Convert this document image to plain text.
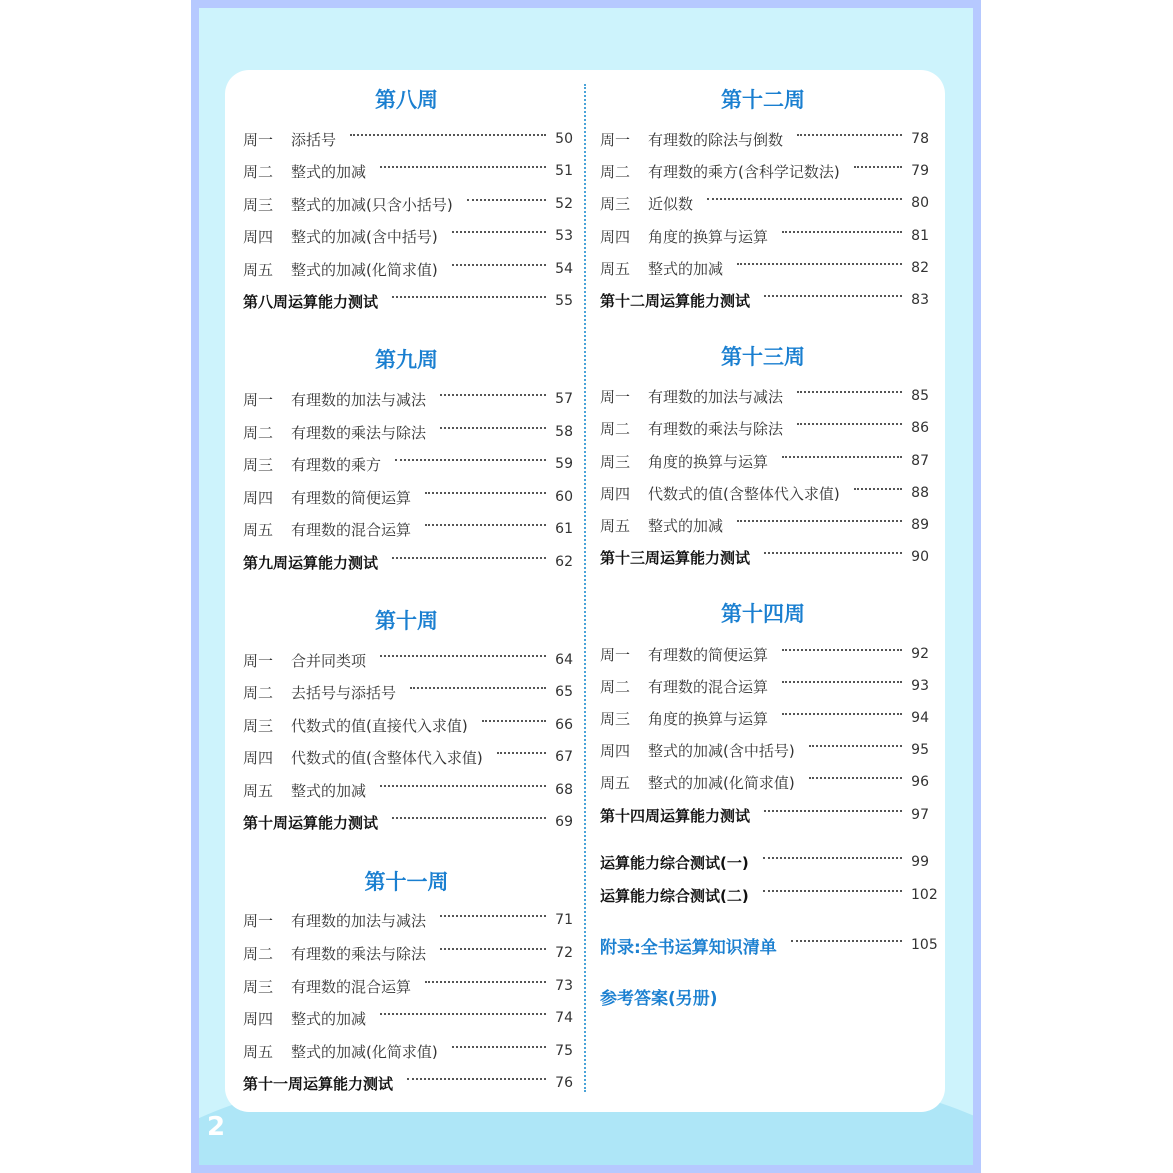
2
第八周
周一	添括号	50
周二	整式的加减	51
周三	整式的加减(只含小括号)	52
周四	整式的加减(含中括号)	53
周五	整式的加减(化简求值)	54
第八周运算能力测试	55
第九周
周一	有理数的加法与减法	57
周二	有理数的乘法与除法	58
周三	有理数的乘方	59
周四	有理数的简便运算	60
周五	有理数的混合运算	61
第九周运算能力测试	62
第十周
周一	合并同类项	64
周二	去括号与添括号	65
周三	代数式的值(直接代入求值)	66
周四	代数式的值(含整体代入求值)	67
周五	整式的加减	68
第十周运算能力测试	69
第十一周
周一	有理数的加法与减法	71
周二	有理数的乘法与除法	72
周三	有理数的混合运算	73
周四	整式的加减	74
周五	整式的加减(化简求值)	75
第十一周运算能力测试	76
第十二周
周一	有理数的除法与倒数	78
周二	有理数的乘方(含科学记数法)	79
周三	近似数	80
周四	角度的换算与运算	81
周五	整式的加减	82
第十二周运算能力测试	83
第十三周
周一	有理数的加法与减法	85
周二	有理数的乘法与除法	86
周三	角度的换算与运算	87
周四	代数式的值(含整体代入求值)	88
周五	整式的加减	89
第十三周运算能力测试	90
第十四周
周一	有理数的简便运算	92
周二	有理数的混合运算	93
周三	角度的换算与运算	94
周四	整式的加减(含中括号)	95
周五	整式的加减(化简求值)	96
第十四周运算能力测试	97
运算能力综合测试(一)	99
运算能力综合测试(二)	102
附录:全书运算知识清单	105
参考答案(另册)
